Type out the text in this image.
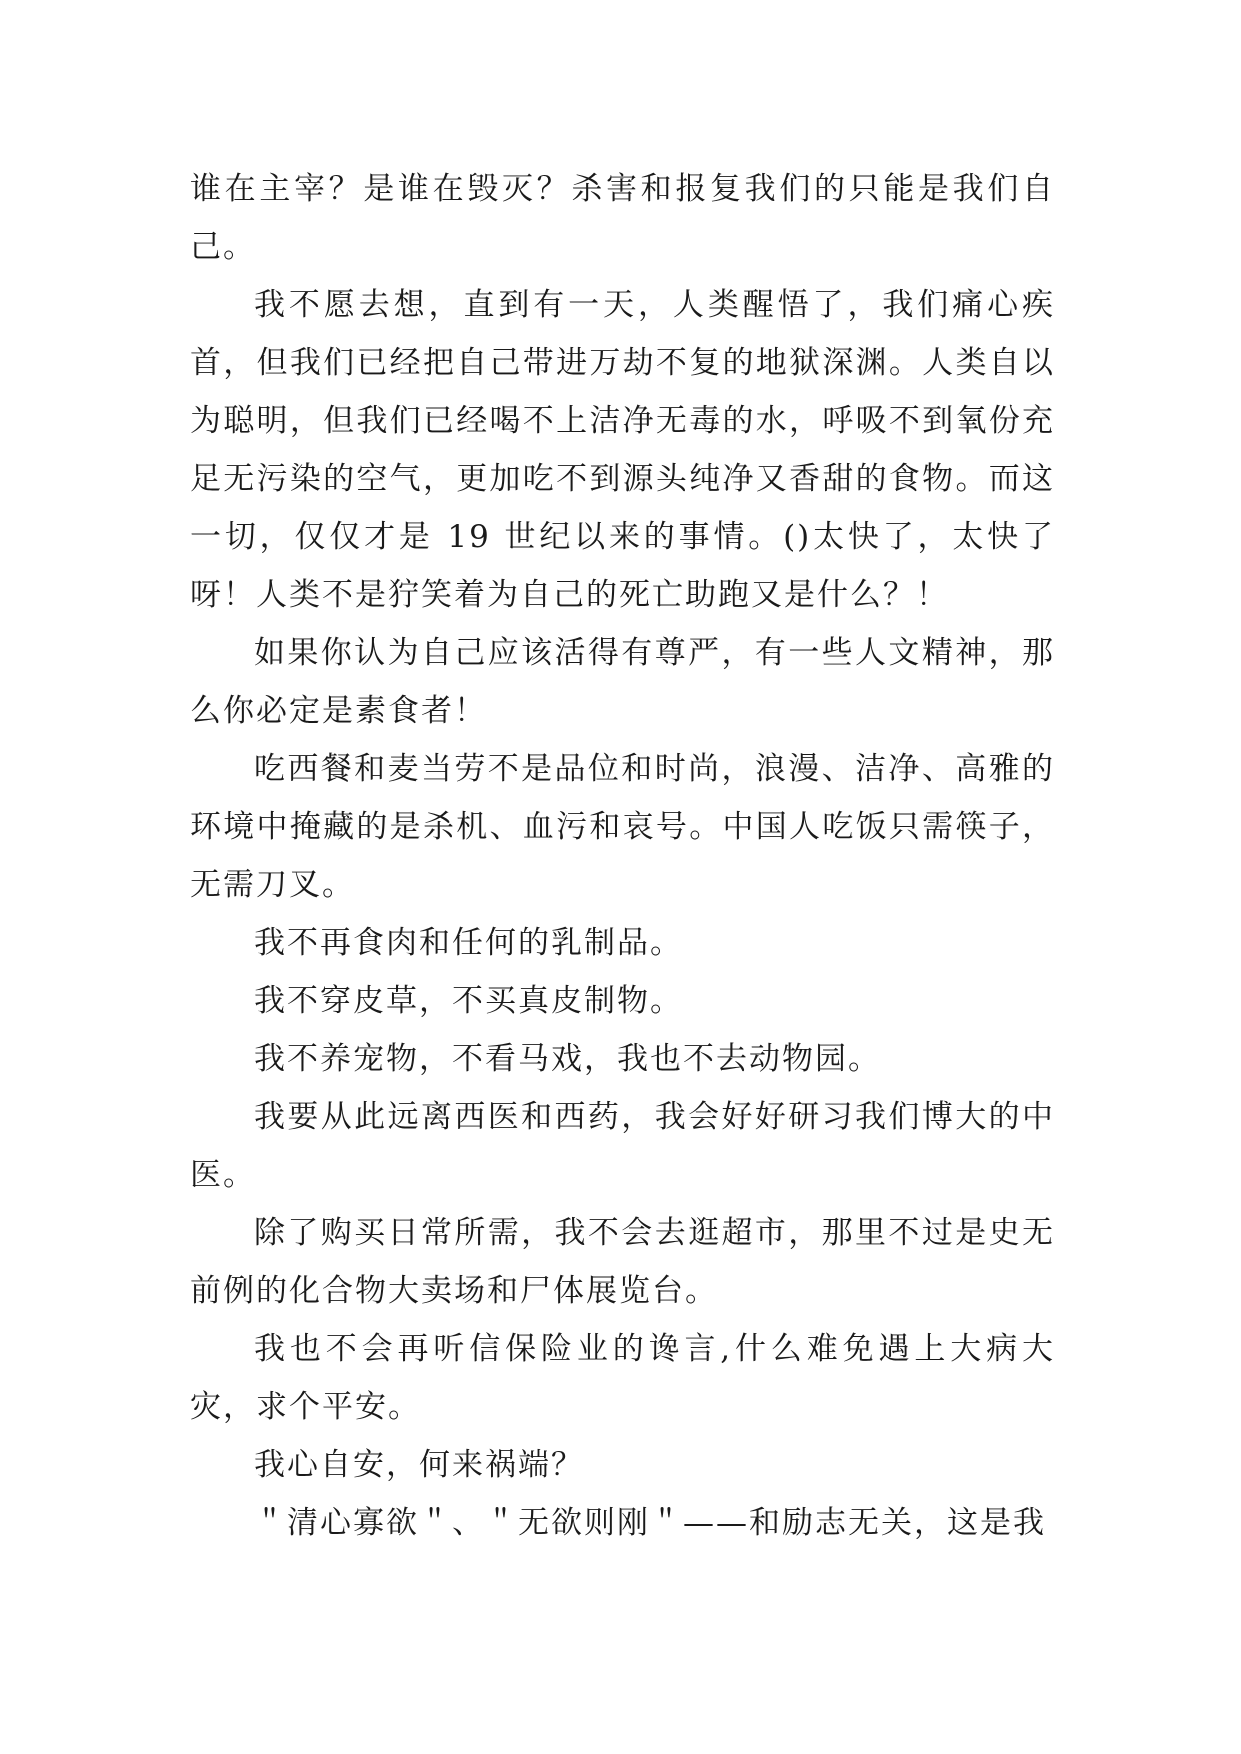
谁在主宰？是谁在毁灭？杀害和报复我们的只能是我们自己。

我不愿去想，直到有一天，人类醒悟了，我们痛心疾首，但我们已经把自己带进万劫不复的地狱深渊。人类自以为聪明，但我们已经喝不上洁净无毒的水，呼吸不到氧份充足无污染的空气，更加吃不到源头纯净又香甜的食物。而这一切，仅仅才是 19 世纪以来的事情。()太快了，太快了呀！人类不是狞笑着为自己的死亡助跑又是什么？！

如果你认为自己应该活得有尊严，有一些人文精神，那么你必定是素食者！

吃西餐和麦当劳不是品位和时尚，浪漫、洁净、高雅的环境中掩藏的是杀机、血污和哀号。中国人吃饭只需筷子，无需刀叉。

我不再食肉和任何的乳制品。

我不穿皮草，不买真皮制物。

我不养宠物，不看马戏，我也不去动物园。

我要从此远离西医和西药，我会好好研习我们博大的中医。

除了购买日常所需，我不会去逛超市，那里不过是史无前例的化合物大卖场和尸体展览台。

我也不会再听信保险业的谗言,什么难免遇上大病大灾，求个平安。

我心自安，何来祸端？

＂清心寡欲＂、＂无欲则刚＂——和励志无关，这是我
